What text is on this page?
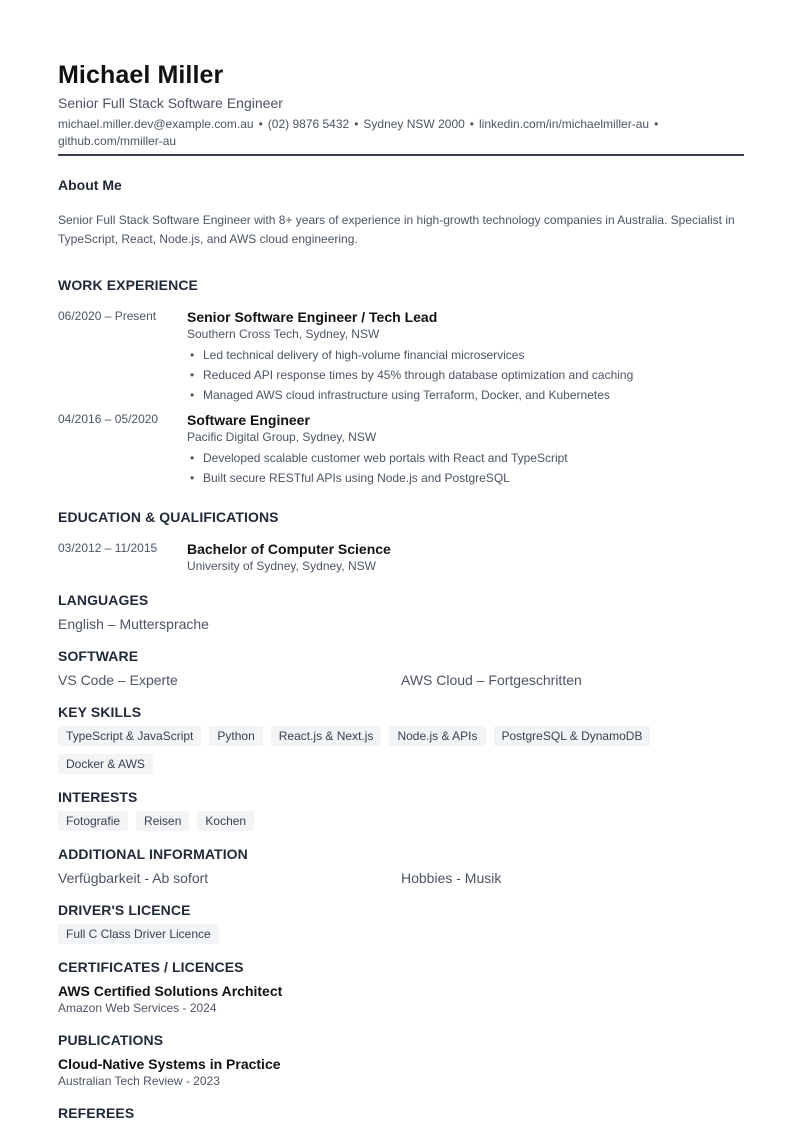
Michael Miller
Senior Full Stack Software Engineer
michael.miller.dev@example.com.au • (02) 9876 5432 • Sydney NSW 2000 • linkedin.com/in/michaelmiller-au •
github.com/mmiller-au
About Me
Senior Full Stack Software Engineer with 8+ years of experience in high-growth technology companies in Australia. Specialist in TypeScript, React, Node.js, and AWS cloud engineering.
WORK EXPERIENCE
06/2020 – Present	Senior Software Engineer / Tech Lead
Southern Cross Tech, Sydney, NSW
• Led technical delivery of high-volume financial microservices
• Reduced API response times by 45% through database optimization and caching
• Managed AWS cloud infrastructure using Terraform, Docker, and Kubernetes
04/2016 – 05/2020	Software Engineer
Pacific Digital Group, Sydney, NSW
• Developed scalable customer web portals with React and TypeScript
• Built secure RESTful APIs using Node.js and PostgreSQL
EDUCATION & QUALIFICATIONS
03/2012 – 11/2015	Bachelor of Computer Science
University of Sydney, Sydney, NSW
LANGUAGES
English – Muttersprache
SOFTWARE
VS Code – Experte	AWS Cloud – Fortgeschritten
KEY SKILLS
TypeScript & JavaScript	Python	React.js & Next.js	Node.js & APIs	PostgreSQL & DynamoDB
Docker & AWS
INTERESTS
Fotografie	Reisen	Kochen
ADDITIONAL INFORMATION
Verfügbarkeit - Ab sofort	Hobbies - Musik
DRIVER'S LICENCE
Full C Class Driver Licence
CERTIFICATES / LICENCES
AWS Certified Solutions Architect
Amazon Web Services - 2024
PUBLICATIONS
Cloud-Native Systems in Practice
Australian Tech Review - 2023
REFEREES
